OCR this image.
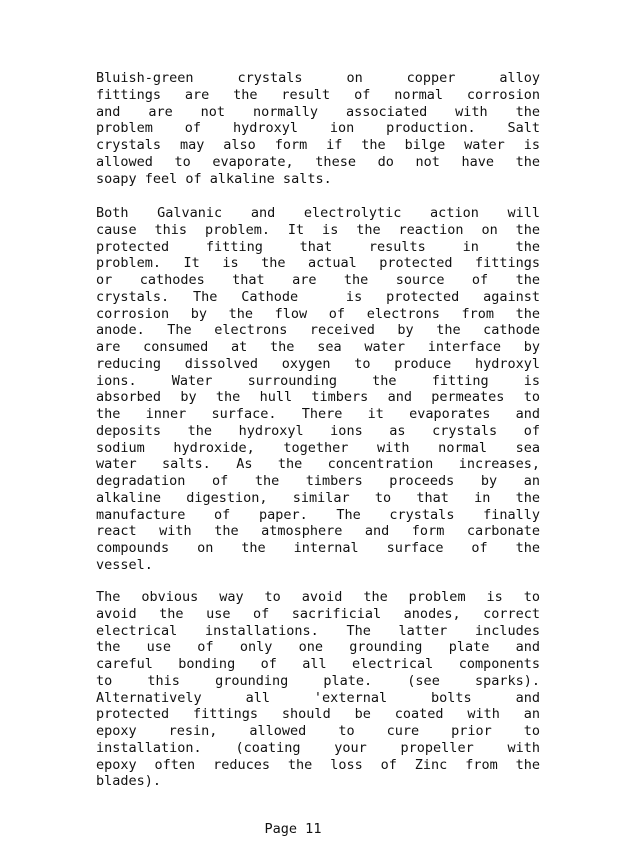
Bluish-green crystals on copper alloy
fittings are the result of normal corrosion
and are not normally associated with the
problem of hydroxyl ion production. Salt
crystals may also form if the bilge water is
allowed to evaporate, these do not have the
soapy feel of alkaline salts.
Both Galvanic and electrolytic action will
cause this problem. It is the reaction on the
protected fitting that results in the
problem. It is the actual protected fittings
or cathodes that are the source of the
crystals. The Cathode  is protected against
corrosion by the flow of electrons from the
anode. The electrons received by the cathode
are consumed at the sea water interface by
reducing dissolved oxygen to produce hydroxyl
ions. Water surrounding the fitting is
absorbed by the hull timbers and permeates to
the inner surface. There it evaporates and
deposits the hydroxyl ions as crystals of
sodium hydroxide, together with normal sea
water salts. As the concentration increases,
degradation of the timbers proceeds by an
alkaline digestion, similar to that in the
manufacture of paper. The crystals finally
react with the atmosphere and form carbonate
compounds on the internal surface of the
vessel.
The obvious way to avoid the problem is to
avoid the use of sacrificial anodes, correct
electrical installations. The latter includes
the use of only one grounding plate and
careful bonding of all electrical components
to this grounding plate. (see sparks).
Alternatively all 'external bolts and
protected fittings should be coated with an
epoxy resin, allowed to cure prior to
installation. (coating your propeller with
epoxy often reduces the loss of Zinc from the
blades).
Page 11
